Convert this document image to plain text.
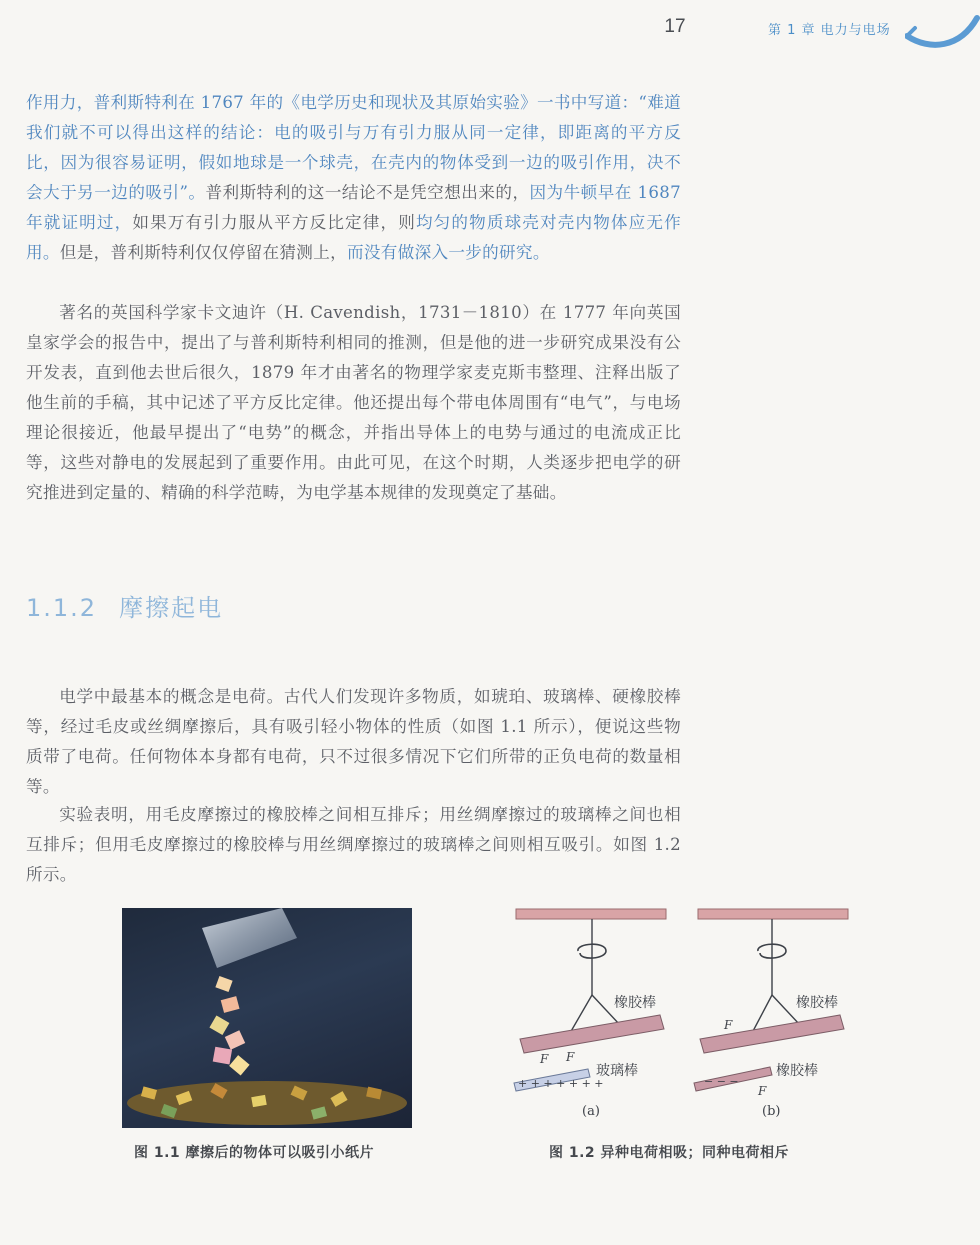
17	第 1 章 电力与电场

作用力，普利斯特利在 1767 年的《电学历史和现状及其原始实验》一书中写道：“难道我们就不可以得出这样的结论：电的吸引与万有引力服从同一定律，即距离的平方反比，因为很容易证明，假如地球是一个球壳，在壳内的物体受到一边的吸引作用，决不会大于另一边的吸引”。普利斯特利的这一结论不是凭空想出来的，因为牛顿早在 1687 年就证明过，如果万有引力服从平方反比定律，则均匀的物质球壳对壳内物体应无作用。但是，普利斯特利仅仅停留在猜测上，而没有做深入一步的研究。

著名的英国科学家卡文迪许（H. Cavendish，1731－1810）在 1777 年向英国皇家学会的报告中，提出了与普利斯特利相同的推测，但是他的进一步研究成果没有公开发表，直到他去世后很久，1879 年才由著名的物理学家麦克斯韦整理、注释出版了他生前的手稿，其中记述了平方反比定律。他还提出每个带电体周围有“电气”，与电场理论很接近，他最早提出了“电势”的概念，并指出导体上的电势与通过的电流成正比等，这些对静电的发展起到了重要作用。由此可见，在这个时期，人类逐步把电学的研究推进到定量的、精确的科学范畴，为电学基本规律的发现奠定了基础。

1.1.2 摩擦起电

电学中最基本的概念是电荷。古代人们发现许多物质，如琥珀、玻璃棒、硬橡胶棒等，经过毛皮或丝绸摩擦后，具有吸引轻小物体的性质（如图 1.1 所示），便说这些物质带了电荷。任何物体本身都有电荷，只不过很多情况下它们所带的正负电荷的数量相等。

实验表明，用毛皮摩擦过的橡胶棒之间相互排斥；用丝绸摩擦过的玻璃棒之间也相互排斥；但用毛皮摩擦过的橡胶棒与用丝绸摩擦过的玻璃棒之间则相互吸引。如图 1.2 所示。

图 1.1 摩擦后的物体可以吸引小纸片
橡胶棒
+ + + + + + +
F F
玻璃棒
(a)
橡胶棒
F
− − −
F
橡胶棒
(b)
图 1.2 异种电荷相吸；同种电荷相斥
